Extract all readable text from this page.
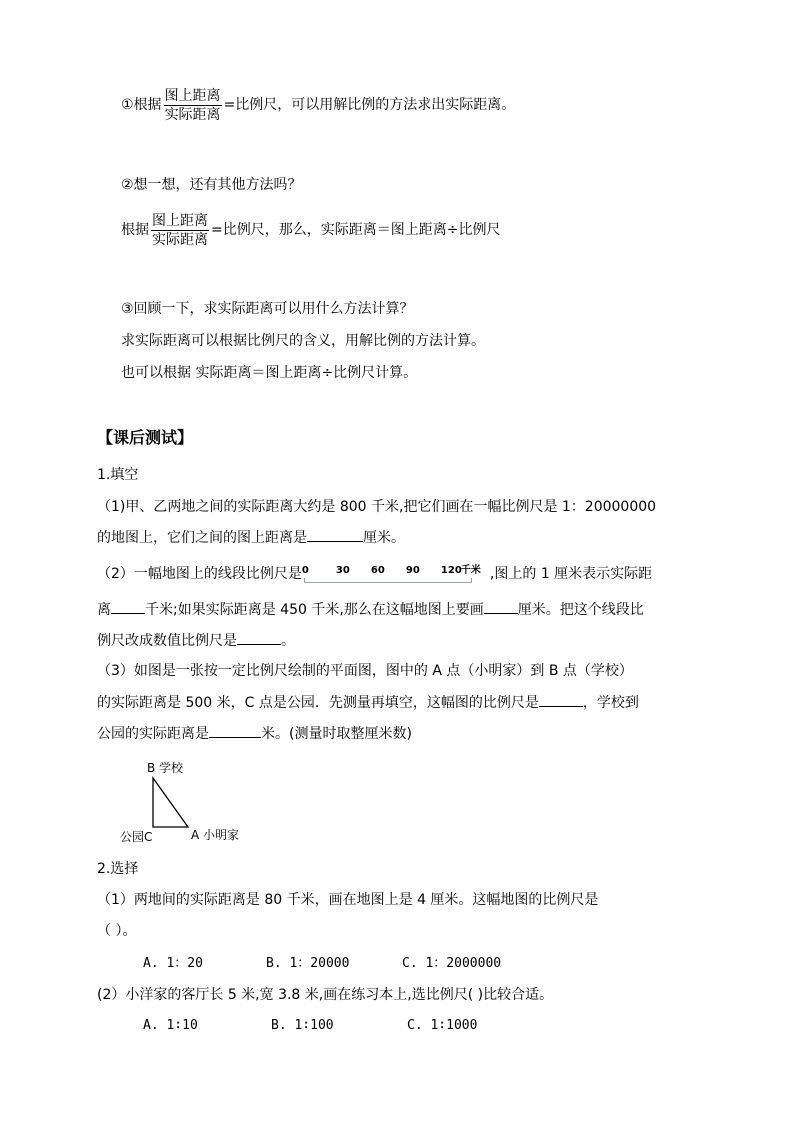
①根据 $\frac{\text{图上距离}}{\text{实际距离}}$ =比例尺，可以用解比例的方法求出实际距离。
②想一想，还有其他方法吗？
根据 $\frac{\text{图上距离}}{\text{实际距离}}$ =比例尺，那么，实际距离＝图上距离÷比例尺
③回顾一下，求实际距离可以用什么方法计算？
求实际距离可以根据比例尺的含义，用解比例的方法计算。
也可以根据 实际距离＝图上距离÷比例尺计算。
【课后测试】
1.填空
（1)甲、乙两地之间的实际距离大约是 800 千米,把它们画在一幅比例尺是 1：20000000
的地图上，它们之间的图上距离是	厘米。
（2）一幅地图上的线段比例尺是 0	30 60 90 120 千米 ,图上的 1 厘米表示实际距
离 千米;如果实际距离是 450 千米,那么在这幅地图上要画 厘米。把这个线段比
例尺改成数值比例尺是	。
（3）如图是一张按一定比例尺绘制的平面图，图中的 A 点（小明家）到 B 点（学校）
的实际距离是 500 米，C 点是公园．先测量再填空，这幅图的比例尺是	，学校到
公园的实际距离是	米。(测量时取整厘米数)
B 学校
公园C	A 小明家
2.选择
（1）两地间的实际距离是 80 千米，画在地图上是 4 厘米。这幅地图的比例尺是
（ ）。
A. 1：20	B. 1：20000	C. 1：2000000
(2）小洋家的客厅长 5 米,宽 3.8 米,画在练习本上,选比例尺( )比较合适。
A. 1∶10	B. 1∶100	C. 1∶1000
